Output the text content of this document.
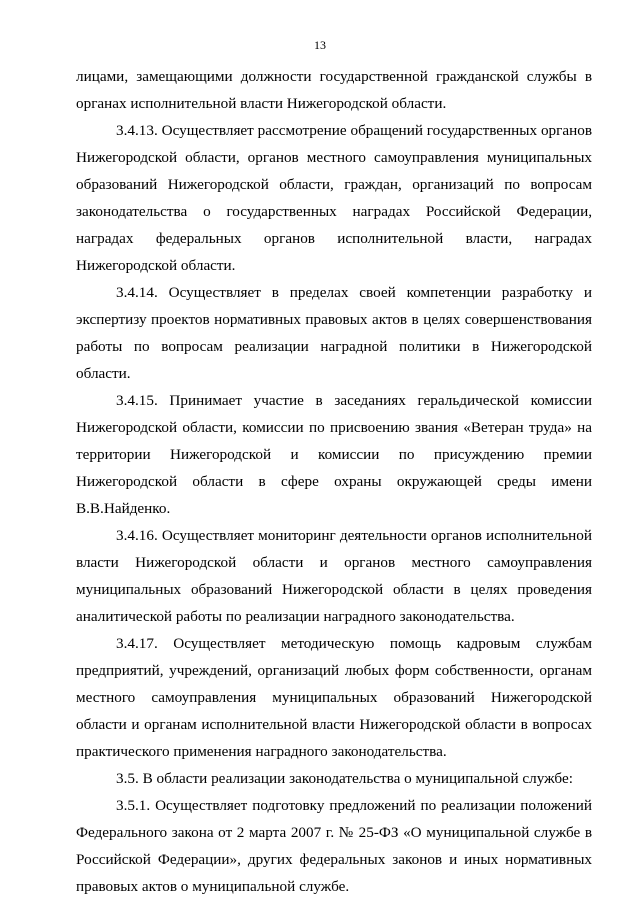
13

лицами, замещающими должности государственной гражданской службы в органах исполнительной власти Нижегородской области.

3.4.13. Осуществляет рассмотрение обращений государственных органов Нижегородской области, органов местного самоуправления муниципальных образований Нижегородской области, граждан, организаций по вопросам законодательства о государственных наградах Российской Федерации, наградах федеральных органов исполнительной власти, наградах Нижегородской области.

3.4.14. Осуществляет в пределах своей компетенции разработку и экспертизу проектов нормативных правовых актов в целях совершенствования работы по вопросам реализации наградной политики в Нижегородской области.

3.4.15. Принимает участие в заседаниях геральдической комиссии Нижегородской области, комиссии по присвоению звания «Ветеран труда» на территории Нижегородской и комиссии по присуждению премии Нижегородской области в сфере охраны окружающей среды имени В.В.Найденко.

3.4.16. Осуществляет мониторинг деятельности органов исполнительной власти Нижегородской области и органов местного самоуправления муниципальных образований Нижегородской области в целях проведения аналитической работы по реализации наградного законодательства.

3.4.17. Осуществляет методическую помощь кадровым службам предприятий, учреждений, организаций любых форм собственности, органам местного самоуправления муниципальных образований Нижегородской области и органам исполнительной власти Нижегородской области в вопросах практического применения наградного законодательства.

3.5. В области реализации законодательства о муниципальной службе:

3.5.1. Осуществляет подготовку предложений по реализации положений Федерального закона от 2 марта 2007 г. № 25-ФЗ «О муниципальной службе в Российской Федерации», других федеральных законов и иных нормативных правовых актов о муниципальной службе.
